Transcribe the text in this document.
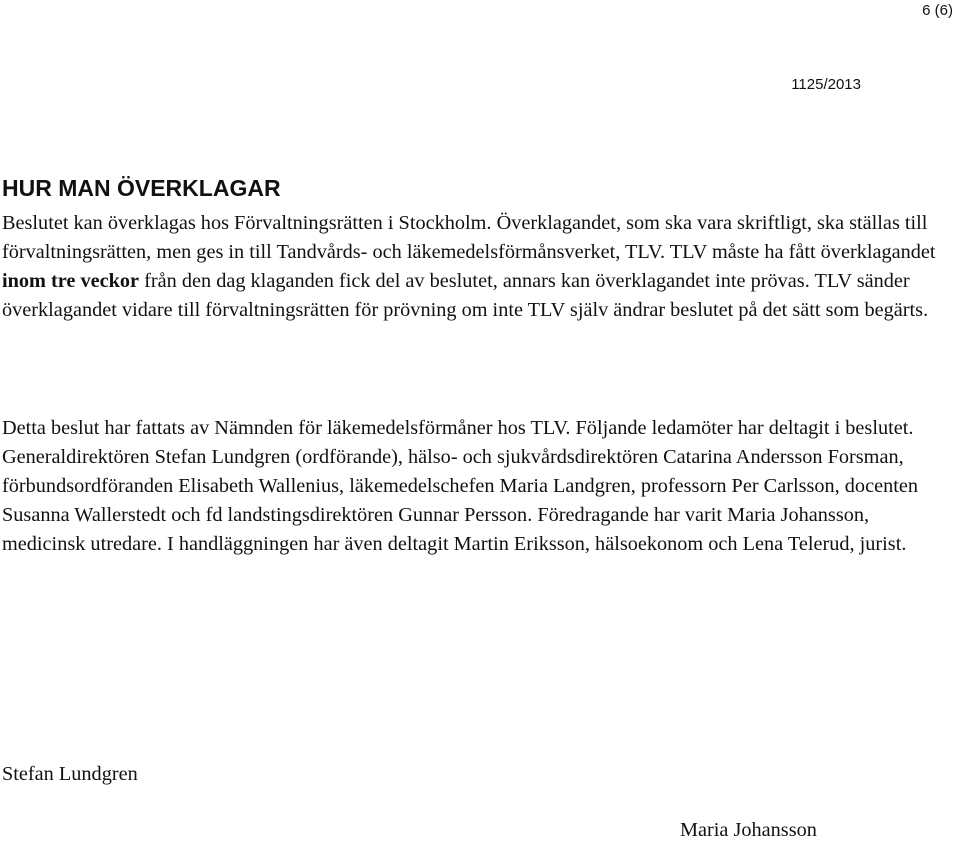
6 (6)
1125/2013
HUR MAN ÖVERKLAGAR

Beslutet kan överklagas hos Förvaltningsrätten i Stockholm. Överklagandet, som ska vara skriftligt, ska ställas till förvaltningsrätten, men ges in till Tandvårds- och läkemedelsförmånsverket, TLV. TLV måste ha fått överklagandet inom tre veckor från den dag klaganden fick del av beslutet, annars kan överklagandet inte prövas. TLV sänder överklagandet vidare till förvaltningsrätten för prövning om inte TLV själv ändrar beslutet på det sätt som begärts.

Detta beslut har fattats av Nämnden för läkemedelsförmåner hos TLV. Följande ledamöter har deltagit i beslutet. Generaldirektören Stefan Lundgren (ordförande), hälso- och sjukvårdsdirektören Catarina Andersson Forsman, förbundsordföranden Elisabeth Wallenius, läkemedelschefen Maria Landgren, professorn Per Carlsson, docenten Susanna Wallerstedt och fd landstingsdirektören Gunnar Persson. Föredragande har varit Maria Johansson, medicinsk utredare. I handläggningen har även deltagit Martin Eriksson, hälsoekonom och Lena Telerud, jurist.

Stefan Lundgren
Maria Johansson
